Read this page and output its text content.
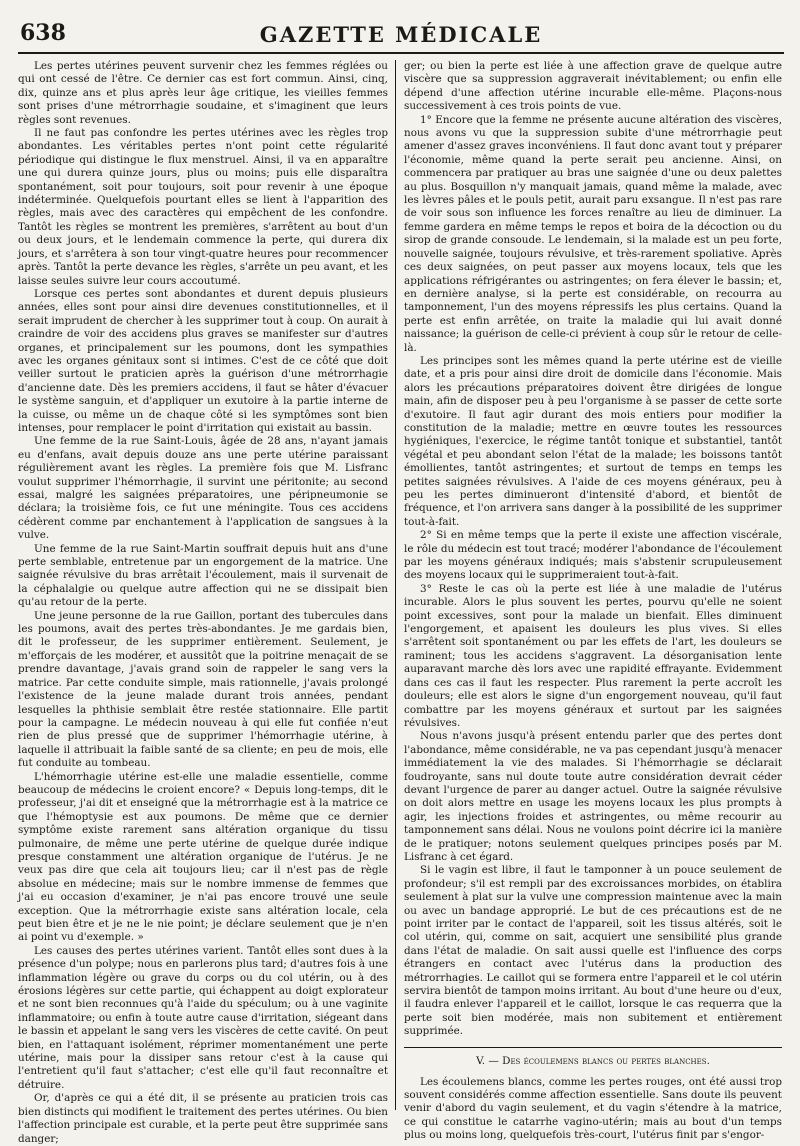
638	GAZETTE MÉDICALE

Les pertes utérines peuvent survenir chez les femmes réglées ou qui ont cessé de l'être. Ce dernier cas est fort commun. Ainsi, cinq, dix, quinze ans et plus après leur âge critique, les vieilles femmes sont prises d'une métrorrhagie soudaine, et s'imaginent que leurs règles sont revenues.

Il ne faut pas confondre les pertes utérines avec les règles trop abondantes. Les véritables pertes n'ont point cette régularité périodique qui distingue le flux menstruel. Ainsi, il va en apparaître une qui durera quinze jours, plus ou moins; puis elle disparaîtra spontanément, soit pour toujours, soit pour revenir à une époque indéterminée. Quelquefois pourtant elles se lient à l'apparition des règles, mais avec des caractères qui empêchent de les confondre. Tantôt les règles se montrent les premières, s'arrêtent au bout d'un ou deux jours, et le lendemain commence la perte, qui durera dix jours, et s'arrêtera à son tour vingt-quatre heures pour recommencer après. Tantôt la perte devance les règles, s'arrête un peu avant, et les laisse seules suivre leur cours accoutumé.

Lorsque ces pertes sont abondantes et durent depuis plusieurs années, elles sont pour ainsi dire devenues constitutionnelles, et il serait imprudent de chercher à les supprimer tout à coup. On aurait à craindre de voir des accidens plus graves se manifester sur d'autres organes, et principalement sur les poumons, dont les sympathies avec les organes génitaux sont si intimes. C'est de ce côté que doit veiller surtout le praticien après la guérison d'une métrorrhagie d'ancienne date. Dès les premiers accidens, il faut se hâter d'évacuer le système sanguin, et d'appliquer un exutoire à la partie interne de la cuisse, ou même un de chaque côté si les symptômes sont bien intenses, pour remplacer le point d'irritation qui existait au bassin.

Une femme de la rue Saint-Louis, âgée de 28 ans, n'ayant jamais eu d'enfans, avait depuis douze ans une perte utérine paraissant régulièrement avant les règles. La première fois que M. Lisfranc voulut supprimer l'hémorrhagie, il survint une péritonite; au second essai, malgré les saignées préparatoires, une péripneumonie se déclara; la troisième fois, ce fut une méningite. Tous ces accidens cédèrent comme par enchantement à l'application de sangsues à la vulve.

Une femme de la rue Saint-Martin souffrait depuis huit ans d'une perte semblable, entretenue par un engorgement de la matrice. Une saignée révulsive du bras arrêtait l'écoulement, mais il survenait de la céphalalgie ou quelque autre affection qui ne se dissipait bien qu'au retour de la perte.

Une jeune personne de la rue Gaillon, portant des tubercules dans les poumons, avait des pertes très-abondantes. Je me gardais bien, dit le professeur, de les supprimer entièrement. Seulement, je m'efforçais de les modérer, et aussitôt que la poitrine menaçait de se prendre davantage, j'avais grand soin de rappeler le sang vers la matrice. Par cette conduite simple, mais rationnelle, j'avais prolongé l'existence de la jeune malade durant trois années, pendant lesquelles la phthisie semblait être restée stationnaire. Elle partit pour la campagne. Le médecin nouveau à qui elle fut confiée n'eut rien de plus pressé que de supprimer l'hémorrhagie utérine, à laquelle il attribuait la faible santé de sa cliente; en peu de mois, elle fut conduite au tombeau.

L'hémorrhagie utérine est-elle une maladie essentielle, comme beaucoup de médecins le croient encore? « Depuis long-temps, dit le professeur, j'ai dit et enseigné que la métrorrhagie est à la matrice ce que l'hémoptysie est aux poumons. De même que ce dernier symptôme existe rarement sans altération organique du tissu pulmonaire, de même une perte utérine de quelque durée indique presque constamment une altération organique de l'utérus. Je ne veux pas dire que cela ait toujours lieu; car il n'est pas de règle absolue en médecine; mais sur le nombre immense de femmes que j'ai eu occasion d'examiner, je n'ai pas encore trouvé une seule exception. Que la métrorrhagie existe sans altération locale, cela peut bien être et je ne le nie point; je déclare seulement que je n'en ai point vu d'exemple. »

Les causes des pertes utérines varient. Tantôt elles sont dues à la présence d'un polype; nous en parlerons plus tard; d'autres fois à une inflammation légère ou grave du corps ou du col utérin, ou à des érosions légères sur cette partie, qui échappent au doigt explorateur et ne sont bien reconnues qu'à l'aide du spéculum; ou à une vaginite inflammatoire; ou enfin à toute autre cause d'irritation, siégeant dans le bassin et appelant le sang vers les viscères de cette cavité. On peut bien, en l'attaquant isolément, réprimer momentanément une perte utérine, mais pour la dissiper sans retour c'est à la cause qui l'entretient qu'il faut s'attacher; c'est elle qu'il faut reconnaître et détruire.

Or, d'après ce qui a été dit, il se présente au praticien trois cas bien distincts qui modifient le traitement des pertes utérines. Ou bien l'affection principale est curable, et la perte peut être supprimée sans danger;

ger; ou bien la perte est liée à une affection grave de quelque autre viscère que sa suppression aggraverait inévitablement; ou enfin elle dépend d'une affection utérine incurable elle-même. Plaçons-nous successivement à ces trois points de vue.

1° Encore que la femme ne présente aucune altération des viscères, nous avons vu que la suppression subite d'une métrorrhagie peut amener d'assez graves inconvéniens. Il faut donc avant tout y préparer l'économie, même quand la perte serait peu ancienne. Ainsi, on commencera par pratiquer au bras une saignée d'une ou deux palettes au plus. Bosquillon n'y manquait jamais, quand même la malade, avec les lèvres pâles et le pouls petit, aurait paru exsangue. Il n'est pas rare de voir sous son influence les forces renaître au lieu de diminuer. La femme gardera en même temps le repos et boira de la décoction ou du sirop de grande consoude. Le lendemain, si la malade est un peu forte, nouvelle saignée, toujours révulsive, et très-rarement spoliative. Après ces deux saignées, on peut passer aux moyens locaux, tels que les applications réfrigérantes ou astringentes; on fera élever le bassin; et, en dernière analyse, si la perte est considérable, on recourra au tamponnement, l'un des moyens répressifs les plus certains. Quand la perte est enfin arrêtée, on traite la maladie qui lui avait donné naissance; la guérison de celle-ci prévient à coup sûr le retour de celle-là.

Les principes sont les mêmes quand la perte utérine est de vieille date, et a pris pour ainsi dire droit de domicile dans l'économie. Mais alors les précautions préparatoires doivent être dirigées de longue main, afin de disposer peu à peu l'organisme à se passer de cette sorte d'exutoire. Il faut agir durant des mois entiers pour modifier la constitution de la maladie; mettre en œuvre toutes les ressources hygiéniques, l'exercice, le régime tantôt tonique et substantiel, tantôt végétal et peu abondant selon l'état de la malade; les boissons tantôt émollientes, tantôt astringentes; et surtout de temps en temps les petites saignées révulsives. A l'aide de ces moyens généraux, peu à peu les pertes diminueront d'intensité d'abord, et bientôt de fréquence, et l'on arrivera sans danger à la possibilité de les supprimer tout-à-fait.

2° Si en même temps que la perte il existe une affection viscérale, le rôle du médecin est tout tracé; modérer l'abondance de l'écoulement par les moyens généraux indiqués; mais s'abstenir scrupuleusement des moyens locaux qui le supprimeraient tout-à-fait.

3° Reste le cas où la perte est liée à une maladie de l'utérus incurable. Alors le plus souvent les pertes, pourvu qu'elle ne soient point excessives, sont pour la malade un bienfait. Elles diminuent l'engorgement, et apaisent les douleurs les plus vives. Si elles s'arrêtent soit spontanément ou par les effets de l'art, les douleurs se raminent; tous les accidens s'aggravent. La désorganisation lente auparavant marche dès lors avec une rapidité effrayante. Evidemment dans ces cas il faut les respecter. Plus rarement la perte accroît les douleurs; elle est alors le signe d'un engorgement nouveau, qu'il faut combattre par les moyens généraux et surtout par les saignées révulsives.

Nous n'avons jusqu'à présent entendu parler que des pertes dont l'abondance, même considérable, ne va pas cependant jusqu'à menacer immédiatement la vie des malades. Si l'hémorrhagie se déclarait foudroyante, sans nul doute toute autre considération devrait céder devant l'urgence de parer au danger actuel. Outre la saignée révulsive on doit alors mettre en usage les moyens locaux les plus prompts à agir, les injections froides et astringentes, ou même recourir au tamponnement sans délai. Nous ne voulons point décrire ici la manière de le pratiquer; notons seulement quelques principes posés par M. Lisfranc à cet égard.

Si le vagin est libre, il faut le tamponner à un pouce seulement de profondeur; s'il est rempli par des excroissances morbides, on établira seulement à plat sur la vulve une compression maintenue avec la main ou avec un bandage approprié. Le but de ces précautions est de ne point irriter par le contact de l'appareil, soit les tissus altérés, soit le col utérin, qui, comme on sait, acquiert une sensibilité plus grande dans l'état de maladie. On sait aussi quelle est l'influence des corps étrangers en contact avec l'utérus dans la production des métrorrhagies. Le caillot qui se formera entre l'appareil et le col utérin servira bientôt de tampon moins irritant. Au bout d'une heure ou d'eux, il faudra enlever l'appareil et le caillot, lorsque le cas requerra que la perte soit bien modérée, mais non subitement et entièrement supprimée.

V. — Des écoulemens blancs ou pertes blanches.

Les écoulemens blancs, comme les pertes rouges, ont été aussi trop souvent considérés comme affection essentielle. Sans doute ils peuvent venir d'abord du vagin seulement, et du vagin s'étendre à la matrice, ce qui constitue le catarrhe vagino-utérin; mais au bout d'un temps plus ou moins long, quelquefois très-court, l'utérus finit par s'engor-
